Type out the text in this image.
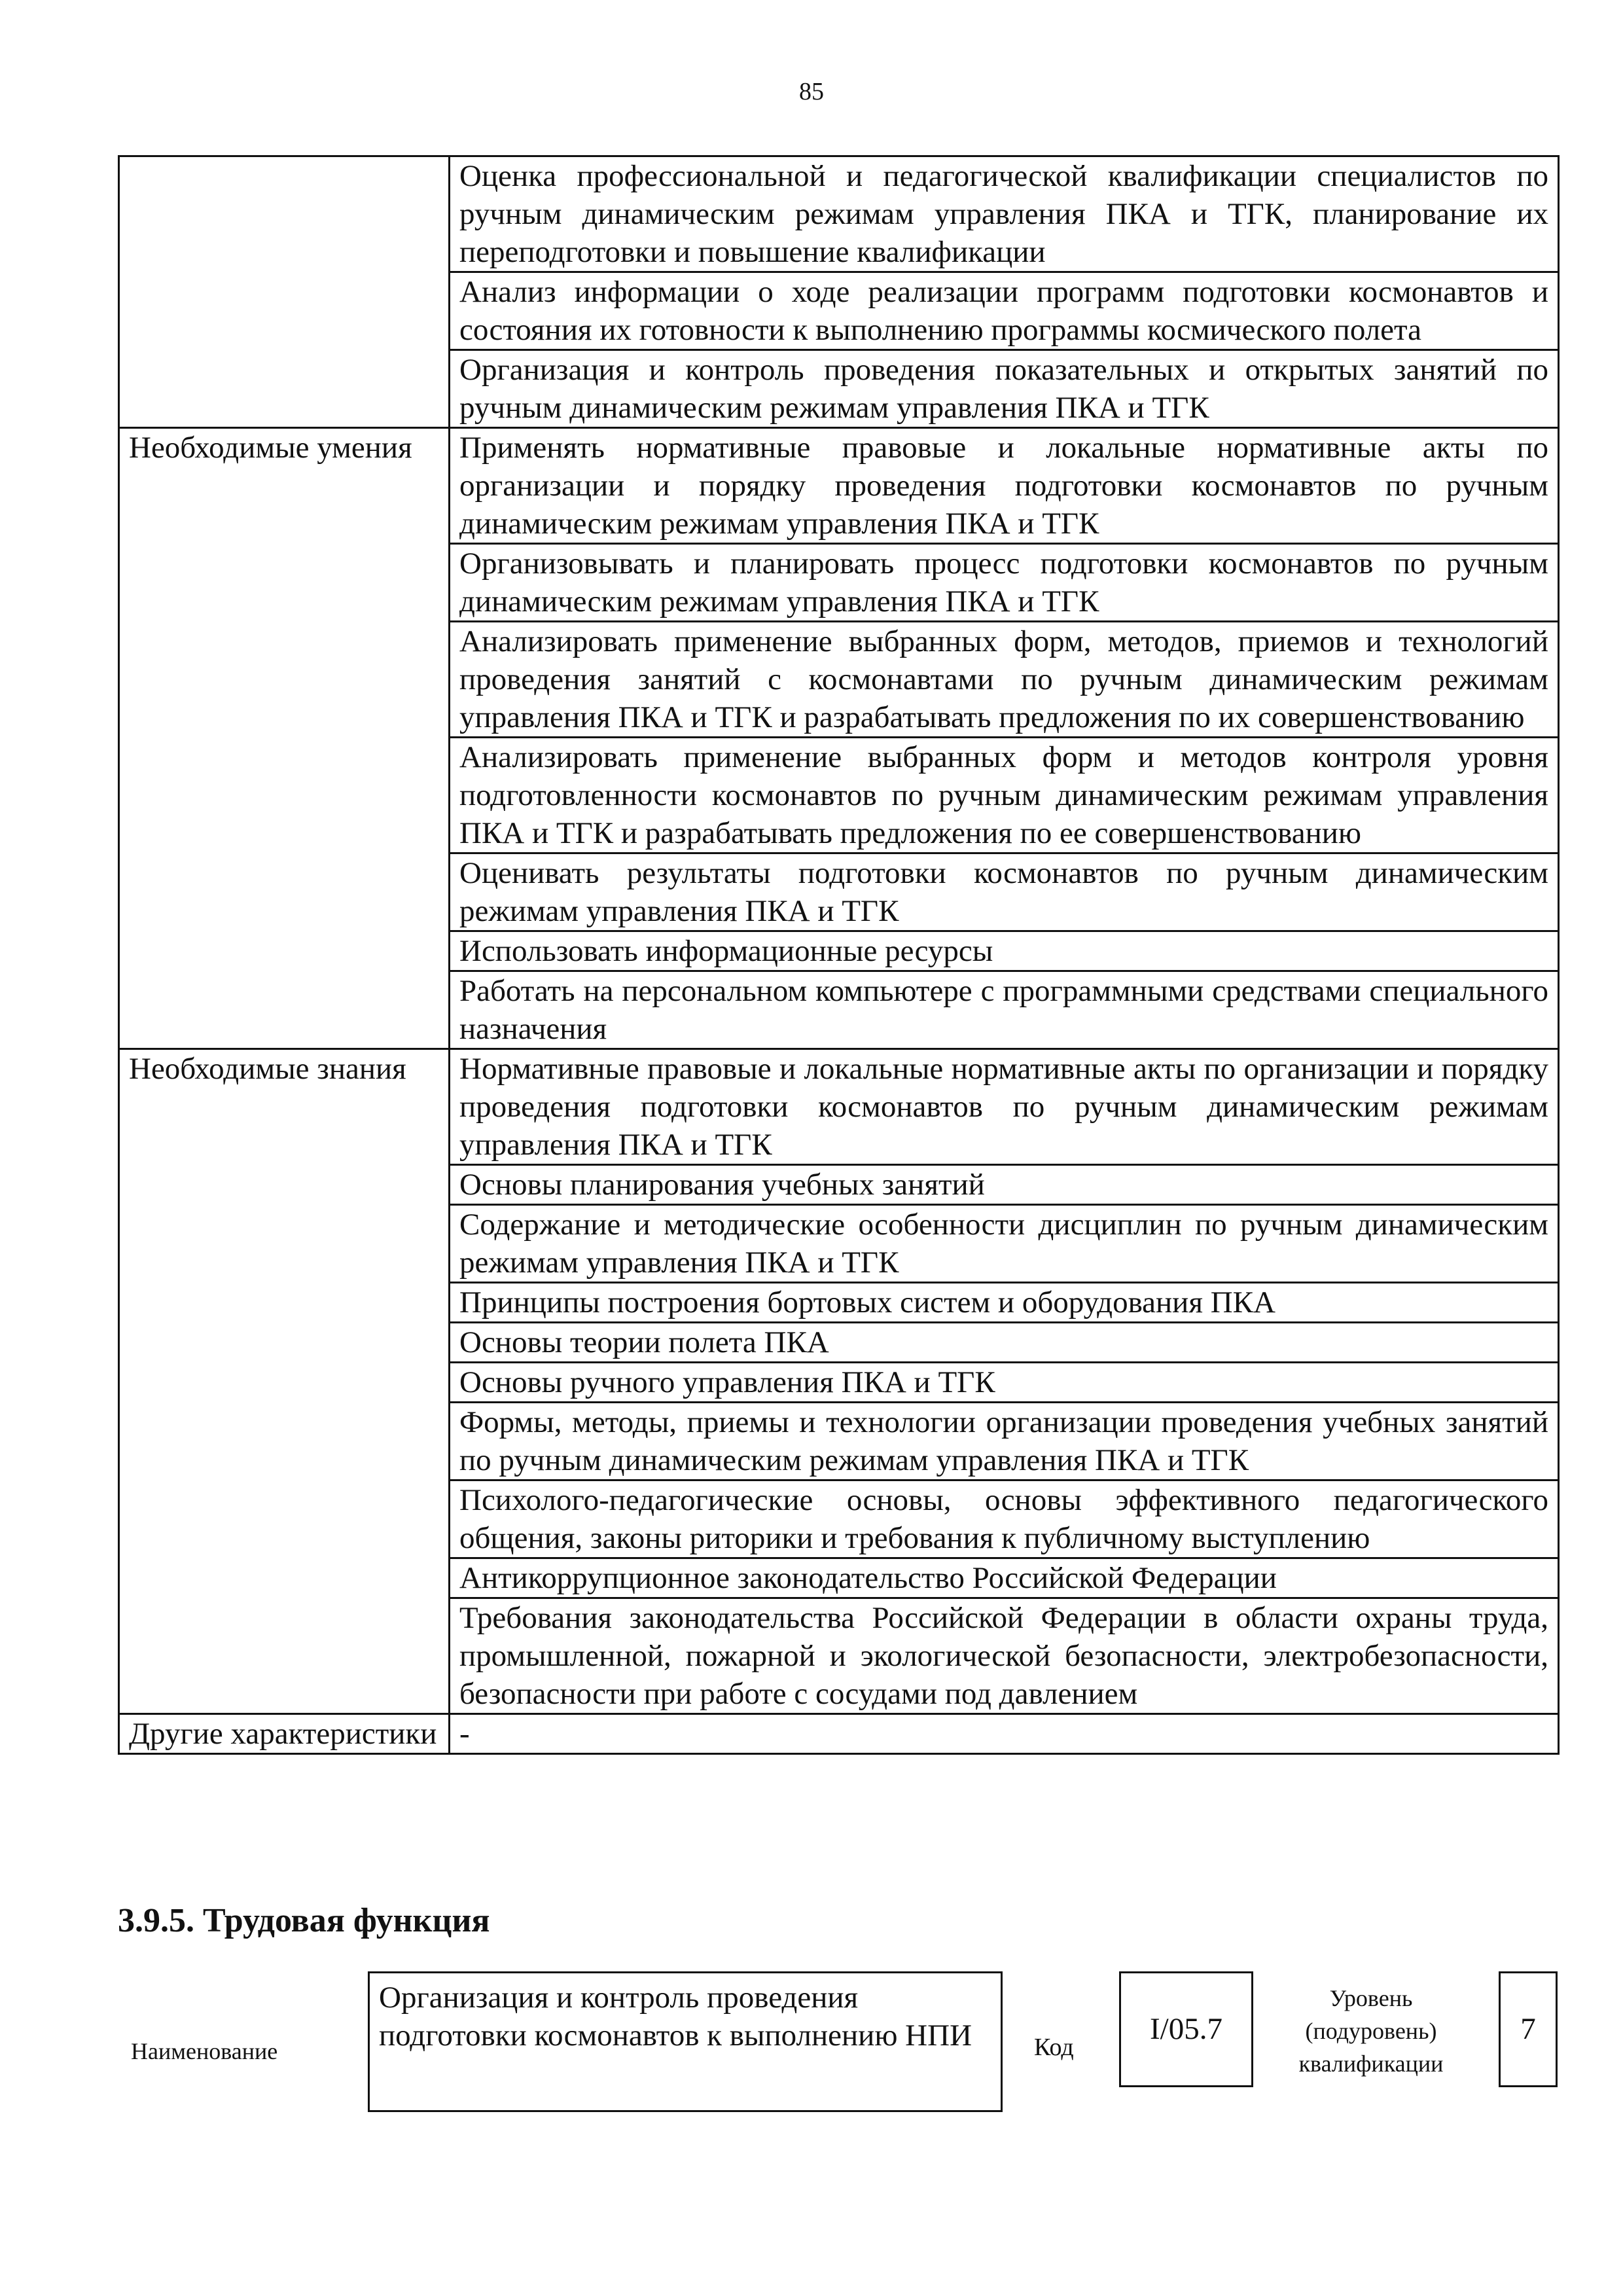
85
	Оценка профессиональной и педагогической квалификации специалистов по ручным динамическим режимам управления ПКА и ТГК, планирование их переподготовки и повышение квалификации
	Анализ информации о ходе реализации программ подготовки космонавтов и состояния их готовности к выполнению программы космического полета
	Организация и контроль проведения показательных и открытых занятий по ручным динамическим режимам управления ПКА и ТГК
Необходимые умения	Применять нормативные правовые и локальные нормативные акты по организации и порядку проведения подготовки космонавтов по ручным динамическим режимам управления ПКА и ТГК
	Организовывать и планировать процесс подготовки космонавтов по ручным динамическим режимам управления ПКА и ТГК
	Анализировать применение выбранных форм, методов, приемов и технологий проведения занятий с космонавтами по ручным динамическим режимам управления ПКА и ТГК и разрабатывать предложения по их совершенствованию
	Анализировать применение выбранных форм и методов контроля уровня подготовленности космонавтов по ручным динамическим режимам управления ПКА и ТГК и разрабатывать предложения по ее совершенствованию
	Оценивать результаты подготовки космонавтов по ручным динамическим режимам управления ПКА и ТГК
	Использовать информационные ресурсы
	Работать на персональном компьютере с программными средствами специального назначения
Необходимые знания	Нормативные правовые и локальные нормативные акты по организации и порядку проведения подготовки космонавтов по ручным динамическим режимам управления ПКА и ТГК
	Основы планирования учебных занятий
	Содержание и методические особенности дисциплин по ручным динамическим режимам управления ПКА и ТГК
	Принципы построения бортовых систем и оборудования ПКА
	Основы теории полета ПКА
	Основы ручного управления ПКА и ТГК
	Формы, методы, приемы и технологии организации проведения учебных занятий по ручным динамическим режимам управления ПКА и ТГК
	Психолого-педагогические основы, основы эффективного педагогического общения, законы риторики и требования к публичному выступлению
	Антикоррупционное законодательство Российской Федерации
	Требования законодательства Российской Федерации в области охраны труда, промышленной, пожарной и экологической безопасности, электробезопасности, безопасности при работе с сосудами под давлением
Другие характеристики	-
3.9.5. Трудовая функция
Наименование
Организация и контроль проведения подготовки космонавтов к выполнению НПИ	Код
I/05.7
Уровень (подуровень) квалификации
7
